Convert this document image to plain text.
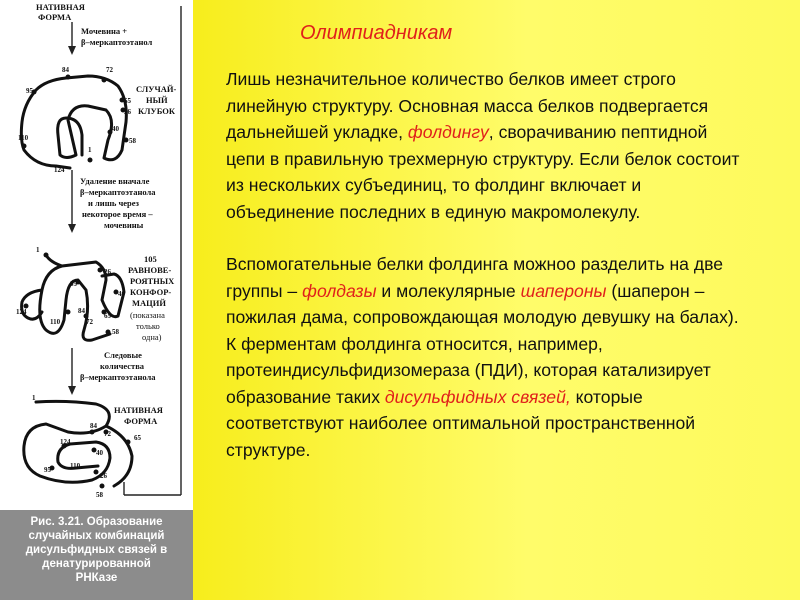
НАТИВНАЯ
ФОРМА
Мочевина +
β–меркаптоэтанол
СЛУЧАЙ-
НЫЙ
КЛУБОК
Удаление вначале
β–меркаптоэтанола
и лишь через
некоторое время –
мочевины
105
РАВНОВЕ-
РОЯТНЫХ
КОНФОР-
МАЦИЙ
(показана
только
одна)
Следовые
количества
β–меркаптоэтанола
НАТИВНАЯ
ФОРМА
84	72
95
65
26
40
58
110
1
124
1
26
95
40
124
110
84
72
65
58
1
84
72	65
124
95	110
40
26
58
Рис. 3.21. Образование
случайных комбинаций
дисульфидных связей в
денатурированной
РНКазе
Олимпиадникам

Лишь незначительное количество белков имеет строго линейную структуру. Основная масса белков подвергается дальнейшей укладке, фолдингу, сворачиванию пептидной цепи в правильную трехмерную структуру. Если белок состоит из нескольких субъединиц, то фолдинг включает и объединение последних в единую макромолекулу.

Вспомогательные белки фолдинга можноо разделить на две группы – фолдазы и молекулярные шапероны (шаперон – пожилая дама, сопровождающая молодую девушку на балах).

К ферментам фолдинга относится, например, протеиндисульфидизомераза (ПДИ), которая катализирует образование таких дисульфидных связей, которые соответствуют наиболее оптимальной пространственной структуре.
